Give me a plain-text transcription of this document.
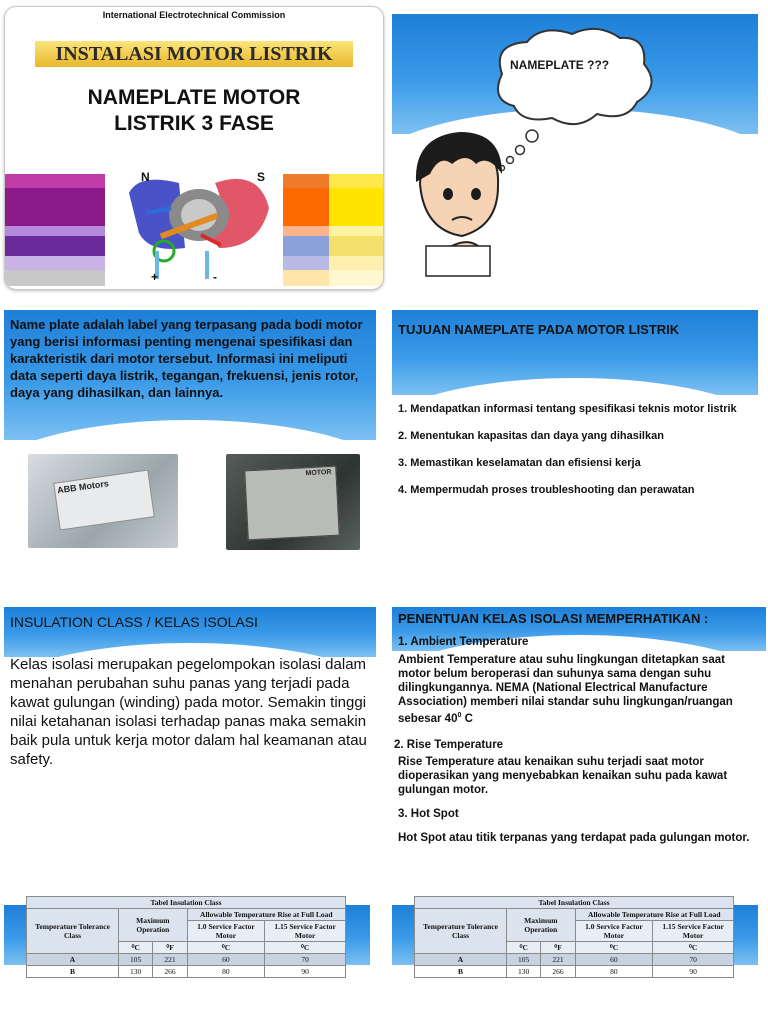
International Electrotechnical Commission
INSTALASI MOTOR LISTRIK
NAMEPLATE MOTOR
LISTRIK 3 FASE
N	S
+	-
NAMEPLATE ???
Name plate adalah label yang terpasang pada bodi motor yang berisi informasi penting mengenai spesifikasi dan karakteristik dari motor tersebut. Informasi ini meliputi data seperti daya listrik, tegangan, frekuensi, jenis rotor, daya yang dihasilkan, dan lainnya.
ABB Motors
MOTOR
TUJUAN NAMEPLATE PADA MOTOR LISTRIK
1. Mendapatkan informasi tentang spesifikasi teknis motor listrik
2. Menentukan kapasitas dan daya yang dihasilkan
3. Memastikan keselamatan dan efisiensi kerja
4. Mempermudah proses troubleshooting dan perawatan
INSULATION CLASS / KELAS ISOLASI
Kelas isolasi merupakan pegelompokan isolasi dalam menahan perubahan suhu panas yang terjadi pada kawat gulungan (winding) pada motor. Semakin tinggi nilai ketahanan isolasi terhadap panas maka semakin baik pula untuk kerja motor dalam hal keamanan atau safety.
PENENTUAN KELAS ISOLASI MEMPERHATIKAN :
1. Ambient Temperature
Ambient Temperature atau suhu lingkungan ditetapkan saat motor belum beroperasi dan suhunya sama dengan suhu dilingkungannya. NEMA (National Electrical Manufacture Association) memberi nilai standar suhu lingkungan/ruangan sebesar $40^0$ C
2. Rise Temperature
Rise Temperature atau kenaikan suhu terjadi saat motor dioperasikan yang menyebabkan kenaikan suhu pada kawat gulungan motor.
3. Hot Spot
Hot Spot atau titik terpanas yang terdapat pada gulungan motor.
Tabel Insulation Class				
Temperature Tolerance Class	Maximum Operation		Allowable Temperature Rise at Full Load	
			1.0 Service Factor Motor	1.15 Service Factor Motor
	⁰C	⁰F	⁰C	⁰C
A	105	221	60	70
B	130	266	80	90
Tabel Insulation Class				
Temperature Tolerance Class	Maximum Operation		Allowable Temperature Rise at Full Load	
			1.0 Service Factor Motor	1.15 Service Factor Motor
	⁰C	⁰F	⁰C	⁰C
A	105	221	60	70
B	130	266	80	90
